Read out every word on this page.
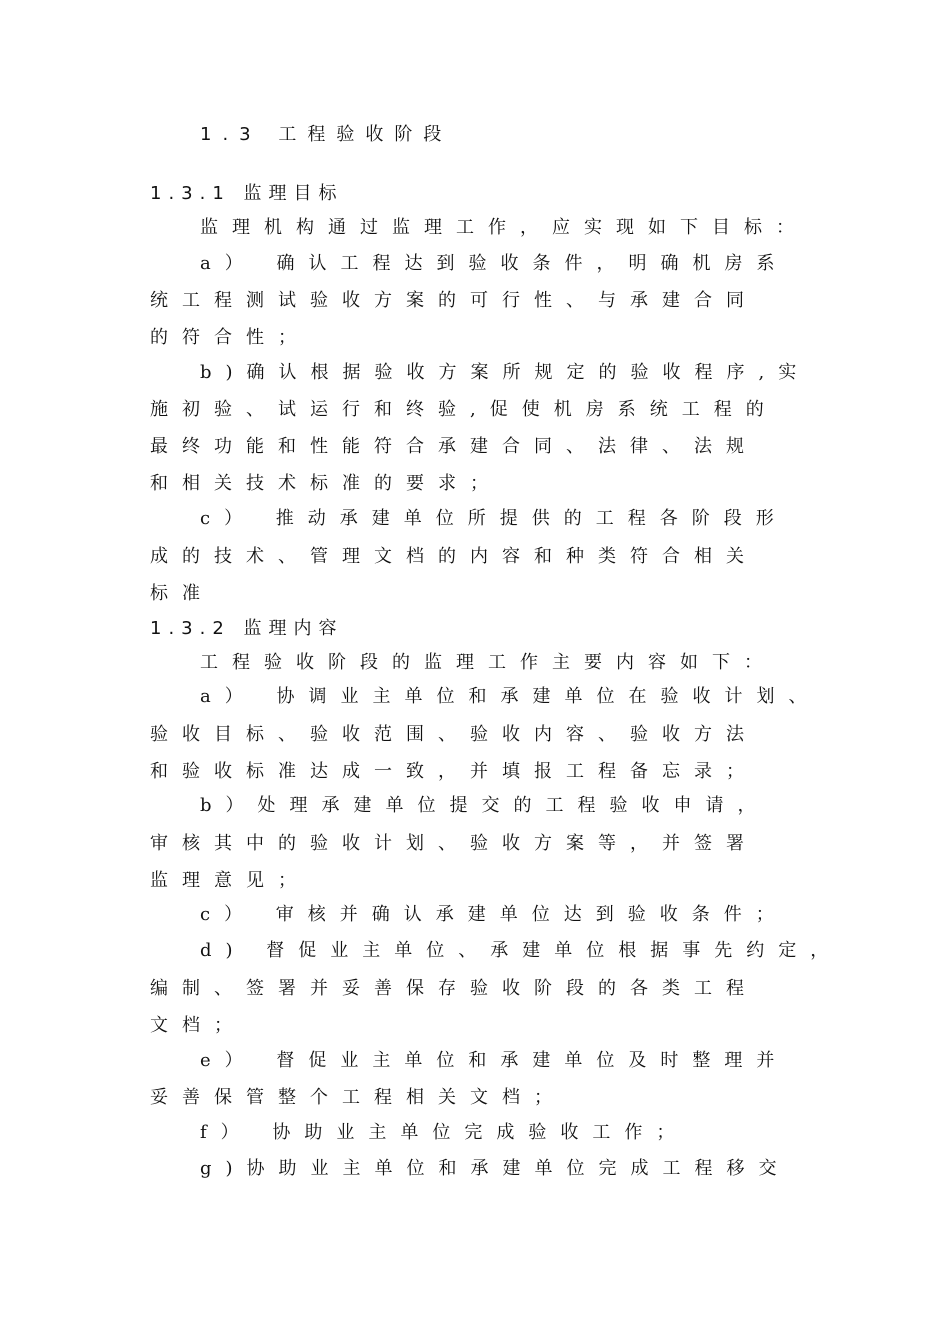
1.3 工程验收阶段
1.3.1 监理目标
监理机构通过监理工作，应实现如下目标：
a） 确认工程达到验收条件，明确机房系
统工程测试验收方案的可行性、与承建合同
的符合性；
b)确认根据验收方案所规定的验收程序,实
施初验、试运行和终验,促使机房系统工程的
最终功能和性能符合承建合同、法律、法规
和相关技术标准的要求；
c） 推动承建单位所提供的工程各阶段形
成的技术、管理文档的内容和种类符合相关
标准
1.3.2 监理内容
工程验收阶段的监理工作主要内容如下：
a） 协调业主单位和承建单位在验收计划、
验收目标、验收范围、验收内容、验收方法
和验收标准达成一致，并填报工程备忘录；
b）处理承建单位提交的工程验收申请，
审核其中的验收计划、验收方案等，并签署
监理意见；
c） 审核并确认承建单位达到验收条件；
d) 督促业主单位、承建单位根据事先约定，
编制、签署并妥善保存验收阶段的各类工程
文档；
e） 督促业主单位和承建单位及时整理并
妥善保管整个工程相关文档；
f） 协助业主单位完成验收工作；
g)协助业主单位和承建单位完成工程移交
